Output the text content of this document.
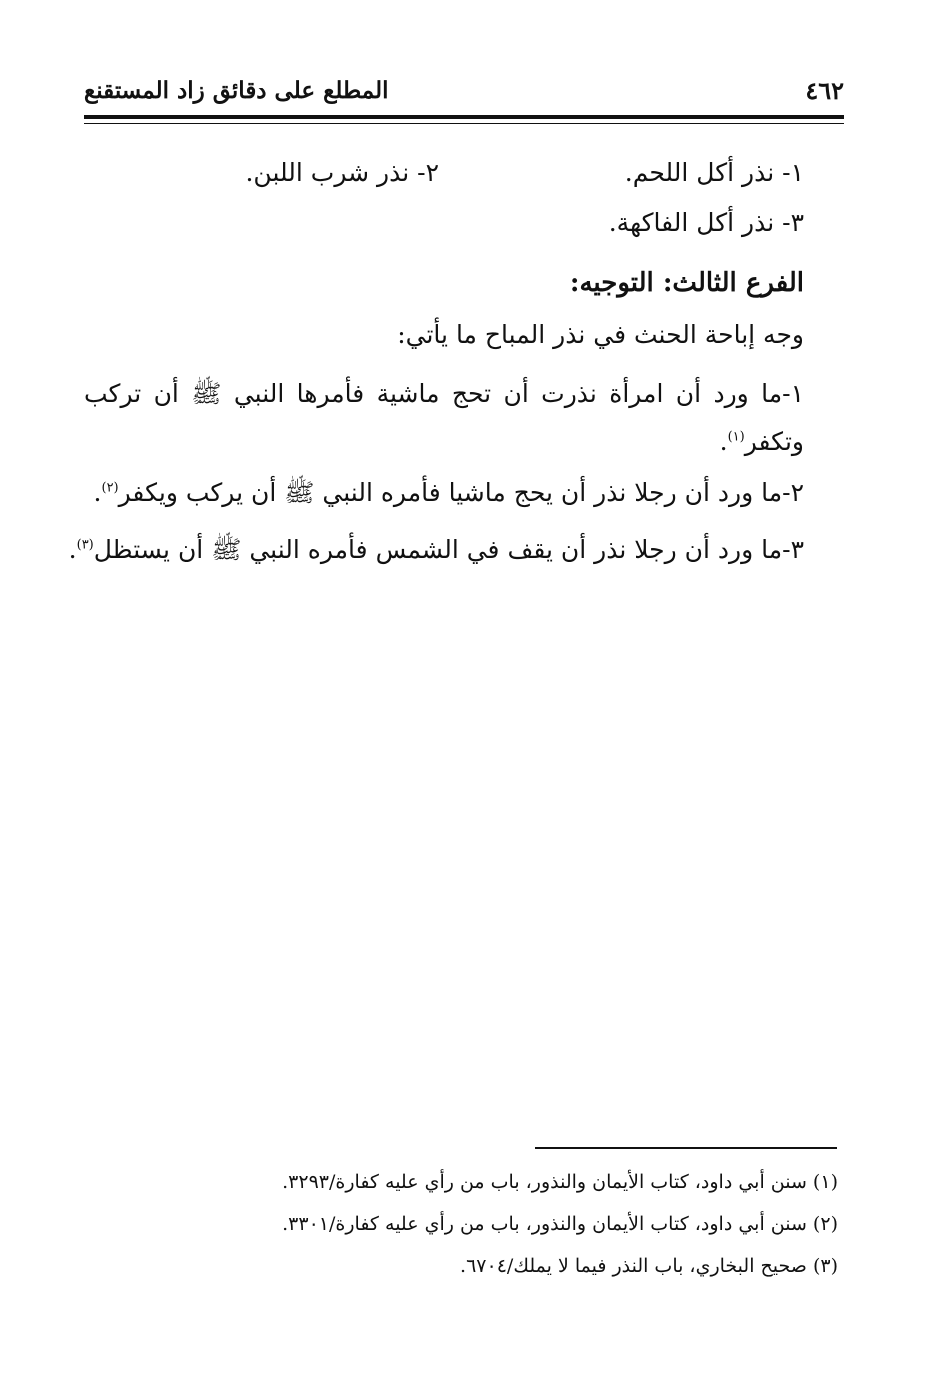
٤٦٢
المطلع على دقائق زاد المستقنع
١- نذر أكل اللحم.
٢- نذر شرب اللبن.
٣- نذر أكل الفاكهة.
الفرع الثالث: التوجيه:
وجه إباحة الحنث في نذر المباح ما يأتي:
١-ما ورد أن امرأة نذرت أن تحج ماشية فأمرها النبي ﷺ أن تركب وتكفر$^{(١)}$.
٢-ما ورد أن رجلا نذر أن يحج ماشيا فأمره النبي ﷺ أن يركب ويكفر$^{(٢)}$.
٣-ما ورد أن رجلا نذر أن يقف في الشمس فأمره النبي ﷺ أن يستظل$^{(٣)}$.
(١) سنن أبي داود، كتاب الأيمان والنذور، باب من رأي عليه كفارة/٣٢٩٣.
(٢) سنن أبي داود، كتاب الأيمان والنذور، باب من رأي عليه كفارة/٣٣٠١.
(٣) صحيح البخاري، باب النذر فيما لا يملك/٦٧٠٤.
